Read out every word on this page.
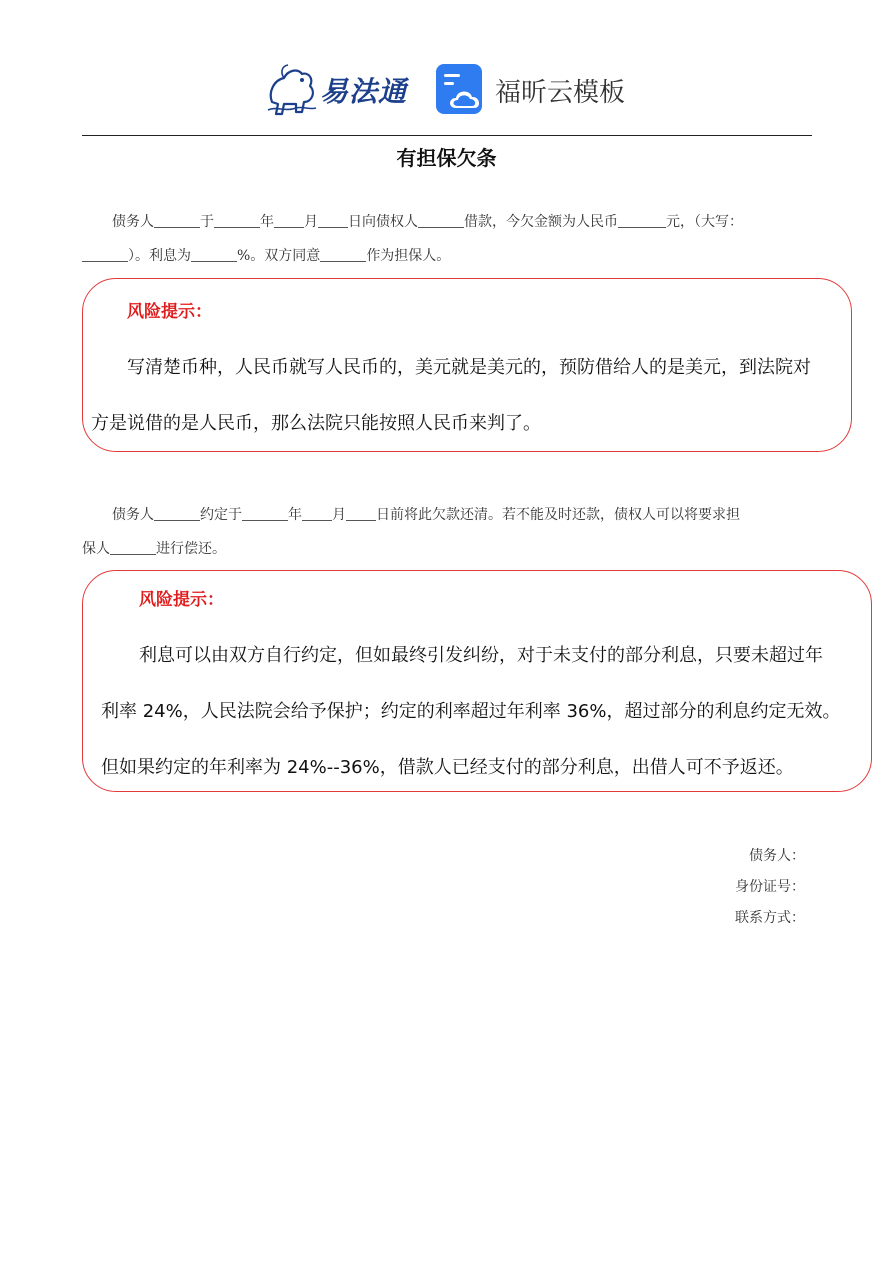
易法通	福昕云模板
有担保欠条
债务人	于	年 月 日向债权人	借款，今欠金额为人民币	元，（大写：
）。利息为	%。双方同意	作为担保人。
风险提示：
写清楚币种，人民币就写人民币的，美元就是美元的，预防借给人的是美元，到法院对
方是说借的是人民币，那么法院只能按照人民币来判了。
债务人	约定于	年 月 日前将此欠款还清。若不能及时还款，债权人可以将要求担
保人	进行偿还。
风险提示：
利息可以由双方自行约定，但如最终引发纠纷，对于未支付的部分利息，只要未超过年
利率 24%，人民法院会给予保护；约定的利率超过年利率 36%，超过部分的利息约定无效。
但如果约定的年利率为 24%--36%，借款人已经支付的部分利息，出借人可不予返还。
债务人：
身份证号：
联系方式：
